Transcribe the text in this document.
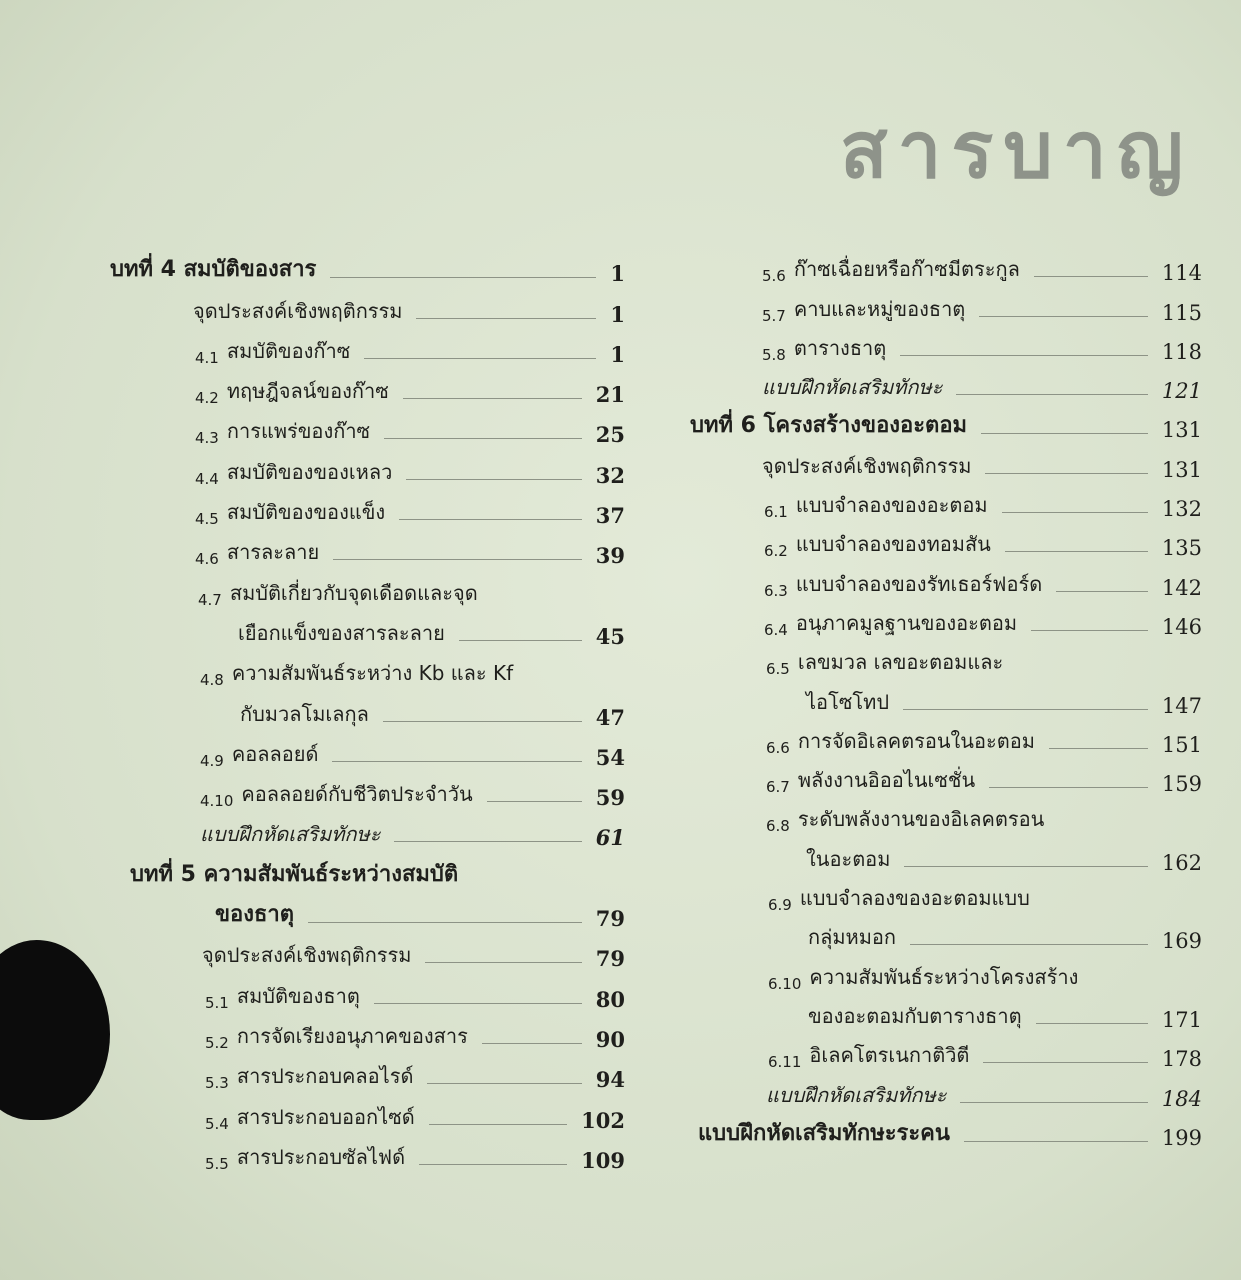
สารบาญ
บทที่ 4 สมบัติของสาร	1
จุดประสงค์เชิงพฤติกรรม	1
4.1 สมบัติของก๊าซ	1
4.2 ทฤษฎีจลน์ของก๊าซ	21
4.3 การแพร่ของก๊าซ	25
4.4 สมบัติของของเหลว	32
4.5 สมบัติของของแข็ง	37
4.6 สารละลาย	39
4.7 สมบัติเกี่ยวกับจุดเดือดและจุด
เยือกแข็งของสารละลาย	45
4.8 ความสัมพันธ์ระหว่าง Kb และ Kf
กับมวลโมเลกุล	47
4.9 คอลลอยด์	54
4.10 คอลลอยด์กับชีวิตประจำวัน	59
แบบฝึกหัดเสริมทักษะ	61
บทที่ 5 ความสัมพันธ์ระหว่างสมบัติ
ของธาตุ	79
จุดประสงค์เชิงพฤติกรรม	79
5.1 สมบัติของธาตุ	80
5.2 การจัดเรียงอนุภาคของสาร	90
5.3 สารประกอบคลอไรด์	94
5.4 สารประกอบออกไซด์	102
5.5 สารประกอบซัลไฟด์	109
5.6 ก๊าซเฉื่อยหรือก๊าซมีตระกูล	114
5.7 คาบและหมู่ของธาตุ	115
5.8 ตารางธาตุ	118
แบบฝึกหัดเสริมทักษะ	121
บทที่ 6 โครงสร้างของอะตอม	131
จุดประสงค์เชิงพฤติกรรม	131
6.1 แบบจำลองของอะตอม	132
6.2 แบบจำลองของทอมสัน	135
6.3 แบบจำลองของรัทเธอร์ฟอร์ด	142
6.4 อนุภาคมูลฐานของอะตอม	146
6.5 เลขมวล เลขอะตอมและ
ไอโซโทป	147
6.6 การจัดอิเลคตรอนในอะตอม	151
6.7 พลังงานอิออไนเซชั่น	159
6.8 ระดับพลังงานของอิเลคตรอน
ในอะตอม	162
6.9 แบบจำลองของอะตอมแบบ
กลุ่มหมอก	169
6.10 ความสัมพันธ์ระหว่างโครงสร้าง
ของอะตอมกับตารางธาตุ	171
6.11 อิเลคโตรเนกาติวิตี	178
แบบฝึกหัดเสริมทักษะ	184
แบบฝึกหัดเสริมทักษะระคน	199
